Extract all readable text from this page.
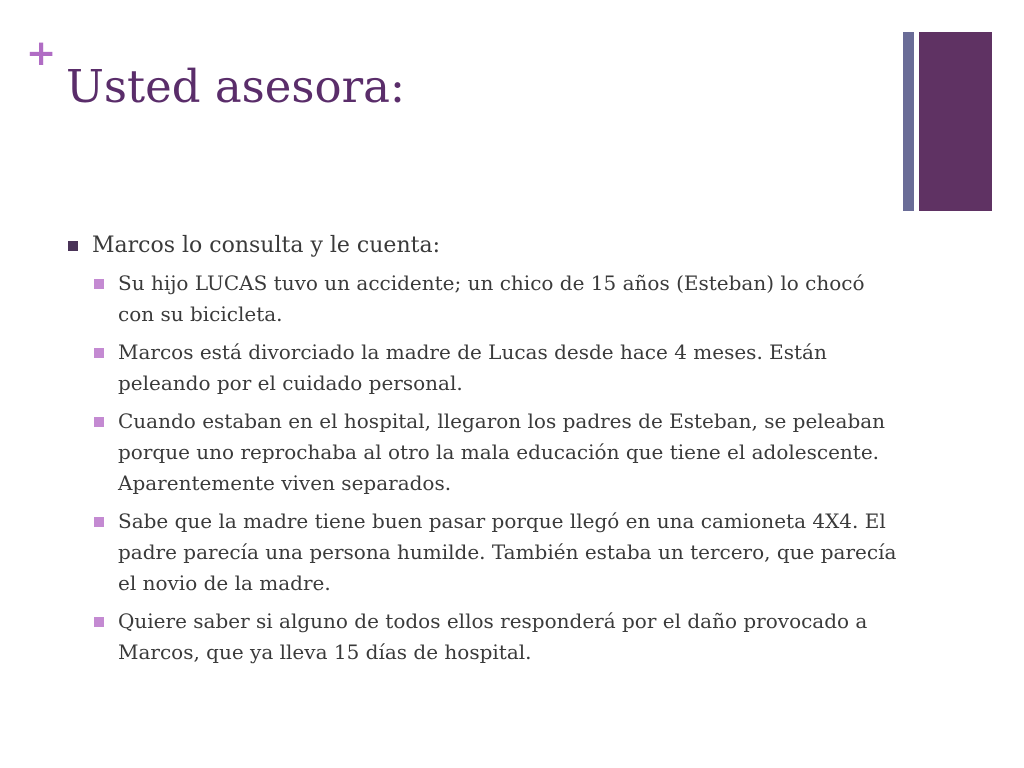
+
Usted asesora:
Marcos lo consulta y le cuenta:
Su hijo LUCAS tuvo un accidente; un chico de 15 años (Esteban) lo chocó con su bicicleta.
Marcos está divorciado la madre de Lucas desde hace 4 meses. Están peleando por el cuidado personal.
Cuando estaban en el hospital, llegaron los padres de Esteban, se peleaban porque uno reprochaba al otro la mala educación que tiene el adolescente. Aparentemente viven separados.
Sabe que la madre tiene buen pasar porque llegó en una camioneta 4X4. El padre parecía una persona humilde. También estaba un tercero, que parecía el novio de la madre.
Quiere saber si alguno de todos ellos responderá por el daño provocado a Marcos, que ya lleva 15 días de hospital.
